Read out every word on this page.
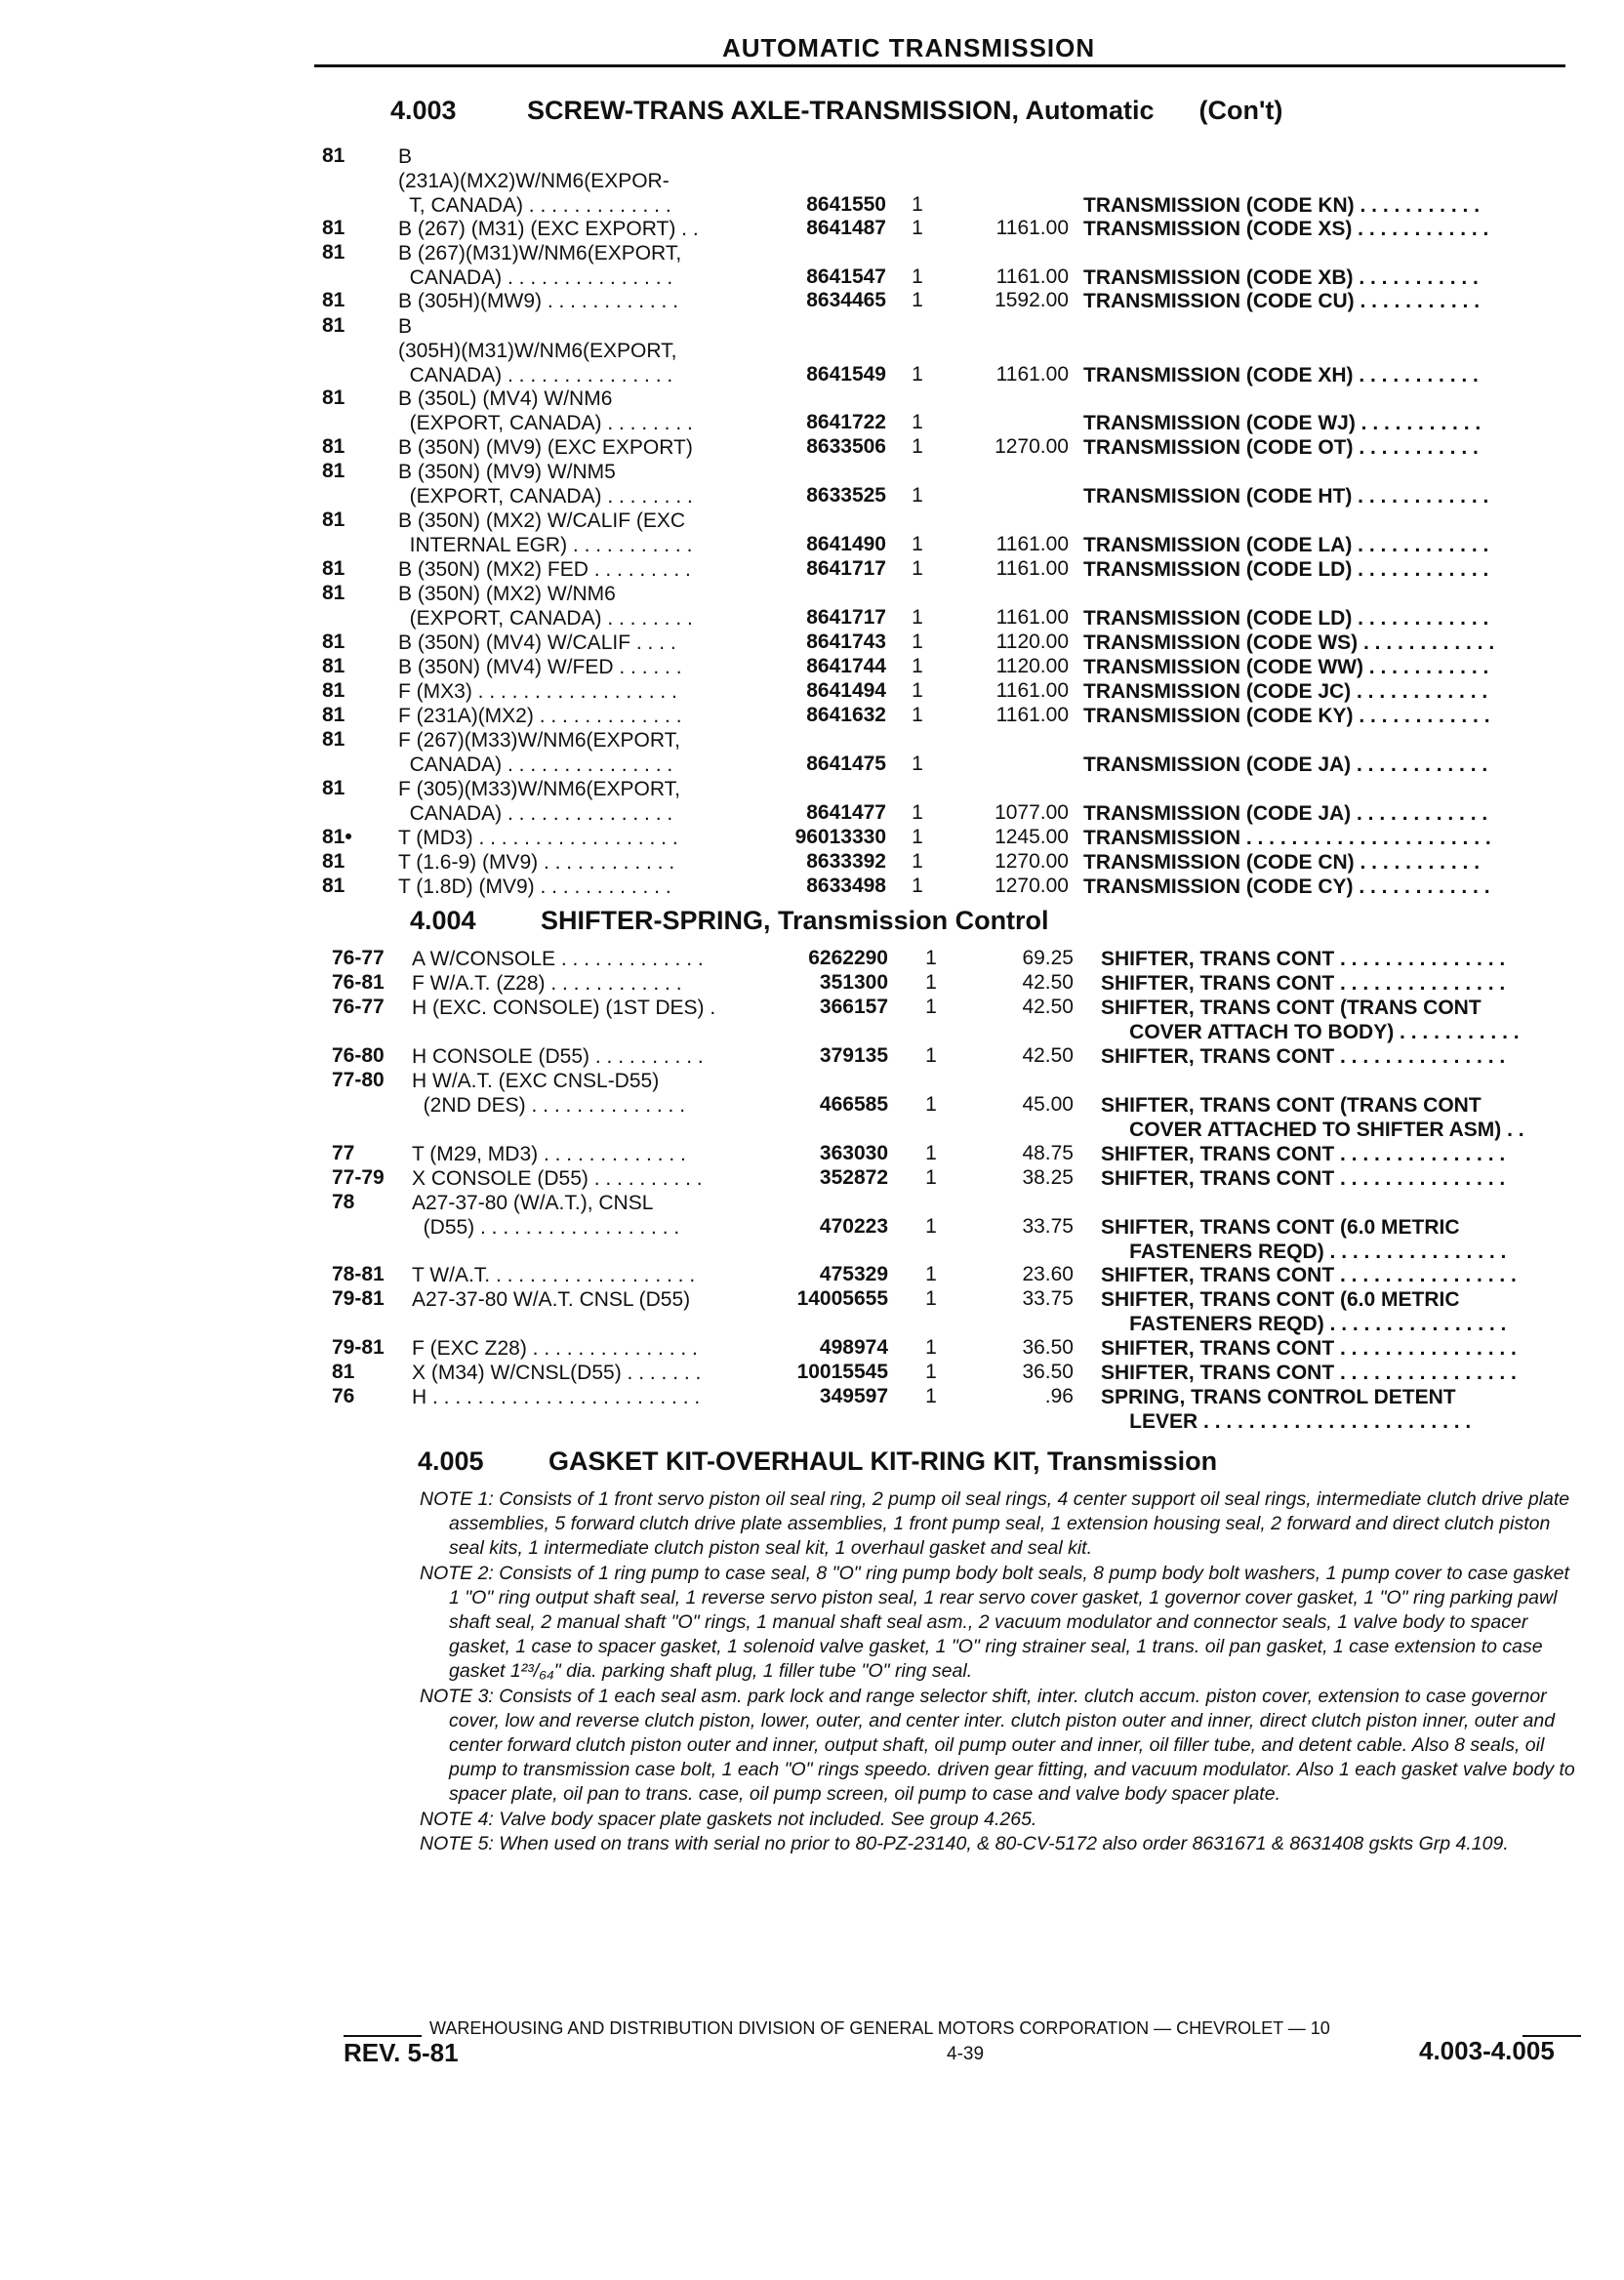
AUTOMATIC TRANSMISSION
4.003	SCREW-TRANS AXLE-TRANSMISSION, Automatic (Con't)
81	B
(231A)(MX2)W/NM6(EXPOR-
T, CANADA) . . . . . . . . . . . . .	8641550 1	TRANSMISSION (CODE KN) . . . . . . . . . . .
81	B (267) (M31) (EXC EXPORT) . .	8641487 1	1161.00 TRANSMISSION (CODE XS) . . . . . . . . . . . .
81	B (267)(M31)W/NM6(EXPORT,
CANADA) . . . . . . . . . . . . . . .	8641547 1	1161.00 TRANSMISSION (CODE XB) . . . . . . . . . . .
81	B (305H)(MW9) . . . . . . . . . . . .	8634465 1	1592.00 TRANSMISSION (CODE CU) . . . . . . . . . . .
81	B
(305H)(M31)W/NM6(EXPORT,
CANADA) . . . . . . . . . . . . . . .	8641549 1	1161.00 TRANSMISSION (CODE XH) . . . . . . . . . . .
81	B (350L) (MV4) W/NM6
(EXPORT, CANADA) . . . . . . . .	8641722 1	TRANSMISSION (CODE WJ) . . . . . . . . . . .
81	B (350N) (MV9) (EXC EXPORT)	8633506 1	1270.00 TRANSMISSION (CODE OT) . . . . . . . . . . .
81	B (350N) (MV9) W/NM5
(EXPORT, CANADA) . . . . . . . .	8633525 1	TRANSMISSION (CODE HT) . . . . . . . . . . . .
81	B (350N) (MX2) W/CALIF (EXC
INTERNAL EGR) . . . . . . . . . . .	8641490 1	1161.00 TRANSMISSION (CODE LA) . . . . . . . . . . . .
81	B (350N) (MX2) FED . . . . . . . . .	8641717 1	1161.00 TRANSMISSION (CODE LD) . . . . . . . . . . . .
81	B (350N) (MX2) W/NM6
(EXPORT, CANADA) . . . . . . . .	8641717 1	1161.00 TRANSMISSION (CODE LD) . . . . . . . . . . . .
81	B (350N) (MV4) W/CALIF . . . .	8641743 1	1120.00 TRANSMISSION (CODE WS) . . . . . . . . . . . .
81	B (350N) (MV4) W/FED . . . . . .	8641744 1	1120.00 TRANSMISSION (CODE WW) . . . . . . . . . . .
81	F (MX3) . . . . . . . . . . . . . . . . . .	8641494 1	1161.00 TRANSMISSION (CODE JC) . . . . . . . . . . . .
81	F (231A)(MX2) . . . . . . . . . . . . .	8641632 1	1161.00 TRANSMISSION (CODE KY) . . . . . . . . . . . .
81	F (267)(M33)W/NM6(EXPORT,
CANADA) . . . . . . . . . . . . . . .	8641475 1	TRANSMISSION (CODE JA) . . . . . . . . . . . .
81	F (305)(M33)W/NM6(EXPORT,
CANADA) . . . . . . . . . . . . . . .	8641477 1	1077.00 TRANSMISSION (CODE JA) . . . . . . . . . . . .
81• T (MD3) . . . . . . . . . . . . . . . . . .	96013330 1	1245.00 TRANSMISSION . . . . . . . . . . . . . . . . . . . . . .
81	T (1.6-9) (MV9) . . . . . . . . . . . .	8633392 1	1270.00 TRANSMISSION (CODE CN) . . . . . . . . . . .
81	T (1.8D) (MV9) . . . . . . . . . . . .	8633498 1	1270.00 TRANSMISSION (CODE CY) . . . . . . . . . . . .
4.004 SHIFTER-SPRING, Transmission Control
76-77 A W/CONSOLE . . . . . . . . . . . . .	6262290 1	69.25 SHIFTER, TRANS CONT . . . . . . . . . . . . . . .
76-81 F W/A.T. (Z28) . . . . . . . . . . . .	351300 1	42.50 SHIFTER, TRANS CONT . . . . . . . . . . . . . . .
76-77 H (EXC. CONSOLE) (1ST DES) .	366157 1	42.50 SHIFTER, TRANS CONT (TRANS CONT
COVER ATTACH TO BODY) . . . . . . . . . . .
76-80 H CONSOLE (D55) . . . . . . . . . .	379135 1	42.50 SHIFTER, TRANS CONT . . . . . . . . . . . . . . .
77-80 H W/A.T. (EXC CNSL-D55)
(2ND DES) . . . . . . . . . . . . . .	466585 1	45.00 SHIFTER, TRANS CONT (TRANS CONT
COVER ATTACHED TO SHIFTER ASM) . .
77	T (M29, MD3) . . . . . . . . . . . . .	363030 1	48.75 SHIFTER, TRANS CONT . . . . . . . . . . . . . . .
77-79 X CONSOLE (D55) . . . . . . . . . .	352872 1	38.25 SHIFTER, TRANS CONT . . . . . . . . . . . . . . .
78	A27-37-80 (W/A.T.), CNSL
(D55) . . . . . . . . . . . . . . . . . .	470223 1	33.75 SHIFTER, TRANS CONT (6.0 METRIC
FASTENERS REQD) . . . . . . . . . . . . . . . .
78-81 T W/A.T. . . . . . . . . . . . . . . . . . .	475329 1	23.60 SHIFTER, TRANS CONT . . . . . . . . . . . . . . . .
79-81 A27-37-80 W/A.T. CNSL (D55)	14005655 1	33.75 SHIFTER, TRANS CONT (6.0 METRIC
FASTENERS REQD) . . . . . . . . . . . . . . . .
79-81 F (EXC Z28) . . . . . . . . . . . . . . .	498974 1	36.50 SHIFTER, TRANS CONT . . . . . . . . . . . . . . . .
81	X (M34) W/CNSL(D55) . . . . . . .	10015545 1	36.50 SHIFTER, TRANS CONT . . . . . . . . . . . . . . . .
76	H . . . . . . . . . . . . . . . . . . . . . . . .	349597 1	.96 SPRING, TRANS CONTROL DETENT
LEVER . . . . . . . . . . . . . . . . . . . . . . . .
4.005 GASKET KIT-OVERHAUL KIT-RING KIT, Transmission

NOTE 1: Consists of 1 front servo piston oil seal ring, 2 pump oil seal rings, 4 center support oil seal rings, intermediate clutch drive plate assemblies, 5 forward clutch drive plate assemblies, 1 front pump seal, 1 extension housing seal, 2 forward and direct clutch piston seal kits, 1 intermediate clutch piston seal kit, 1 overhaul gasket and seal kit.

NOTE 2: Consists of 1 ring pump to case seal, 8 "O" ring pump body bolt seals, 8 pump body bolt washers, 1 pump cover to case gasket 1 "O" ring output shaft seal, 1 reverse servo piston seal, 1 rear servo cover gasket, 1 governor cover gasket, 1 "O" ring parking pawl shaft seal, 2 manual shaft "O" rings, 1 manual shaft seal asm., 2 vacuum modulator and connector seals, 1 valve body to spacer gasket, 1 case to spacer gasket, 1 solenoid valve gasket, 1 "O" ring strainer seal, 1 trans. oil pan gasket, 1 case extension to case gasket 1²³/₆₄" dia. parking shaft plug, 1 filler tube "O" ring seal.

NOTE 3: Consists of 1 each seal asm. park lock and range selector shift, inter. clutch accum. piston cover, extension to case governor cover, low and reverse clutch piston, lower, outer, and center inter. clutch piston outer and inner, direct clutch piston inner, outer and center forward clutch piston outer and inner, output shaft, oil pump outer and inner, oil filler tube, and detent cable. Also 8 seals, oil pump to transmission case bolt, 1 each "O" rings speedo. driven gear fitting, and vacuum modulator. Also 1 each gasket valve body to spacer plate, oil pan to trans. case, oil pump screen, oil pump to case and valve body spacer plate.

NOTE 4: Valve body spacer plate gaskets not included. See group 4.265.

NOTE 5: When used on trans with serial no prior to 80-PZ-23140, & 80-CV-5172 also order 8631671 & 8631408 gskts Grp 4.109.

WAREHOUSING AND DISTRIBUTION DIVISION OF GENERAL MOTORS CORPORATION — CHEVROLET — 10
REV. 5-81	4-39	4.003-4.005
